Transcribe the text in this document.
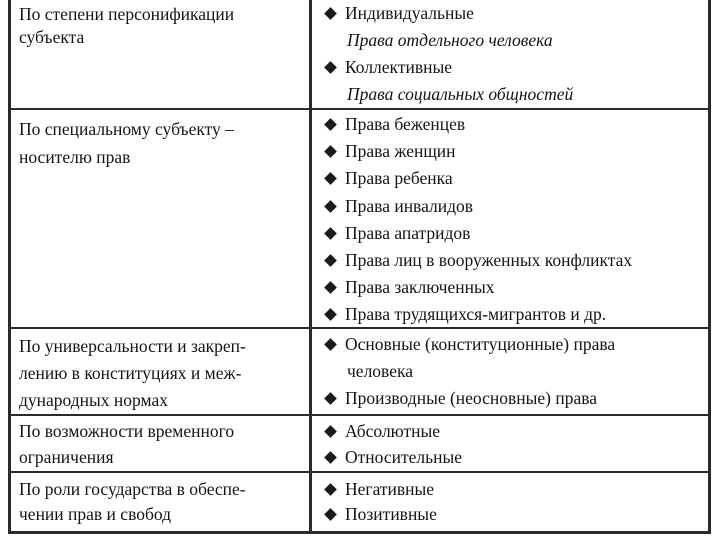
По степени персонификации
субъекта
Индивидуальные
Права отдельного человека
Коллективные
Права социальных общностей
По специальному субъекту –
носителю прав
Права беженцев
Права женщин
Права ребенка
Права инвалидов
Права апатридов
Права лиц в вооруженных конфликтах
Права заключенных
Права трудящихся-мигрантов и др.
По универсальности и закреп-
лению в конституциях и меж-
дународных нормах
Основные (конституционные) права
человека
Производные (неосновные) права
По возможности временного
ограничения
Абсолютные
Относительные
По роли государства в обеспе-
чении прав и свобод
Негативные
Позитивные
